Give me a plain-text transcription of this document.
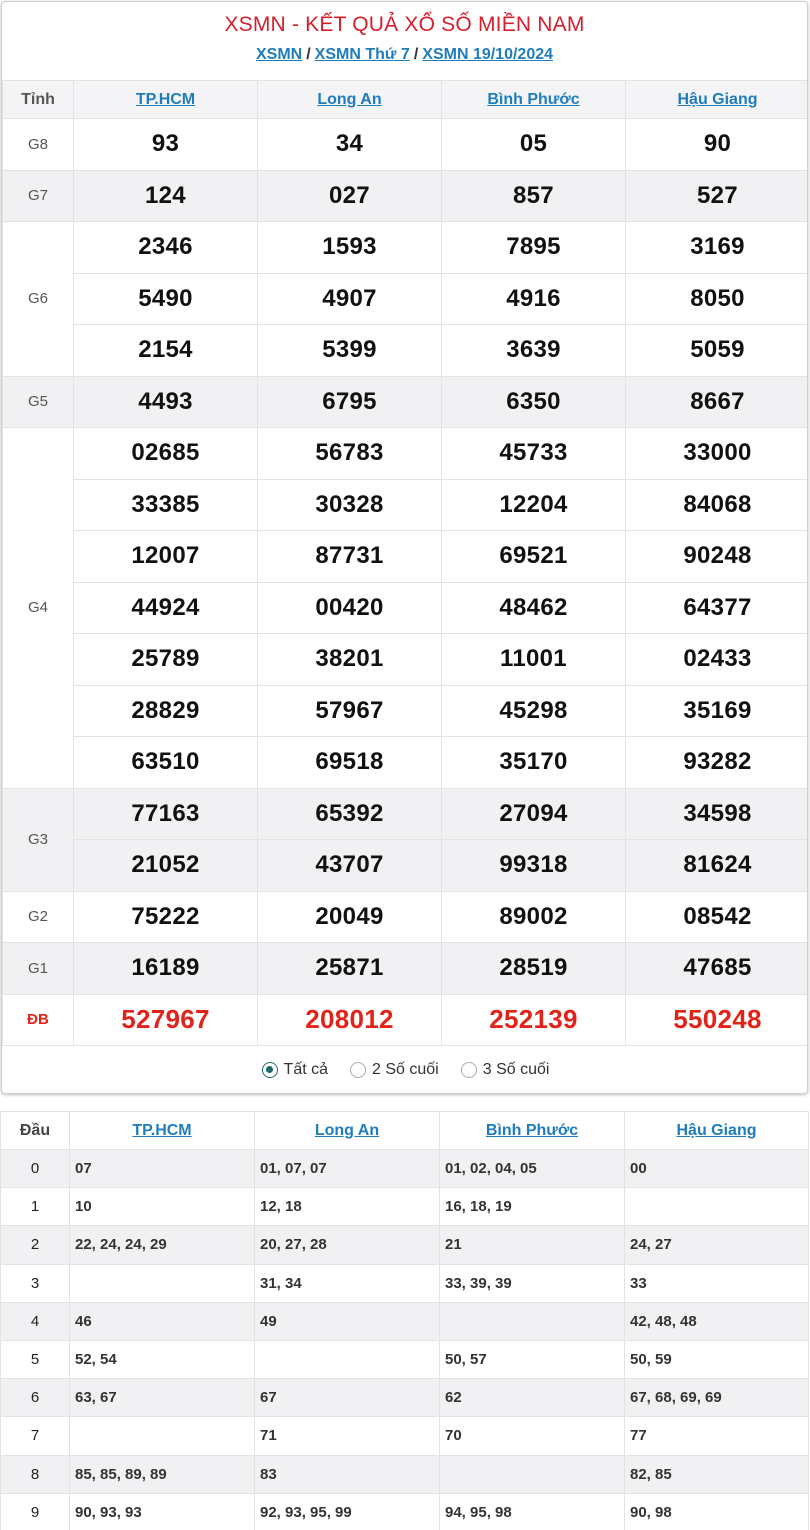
XSMN - KẾT QUẢ XỔ SỐ MIỀN NAM
XSMN / XSMN Thứ 7 / XSMN 19/10/2024
Tỉnh	TP.HCM	Long An	Bình Phước	Hậu Giang
G8	93	34	05	90
G7	124	027	857	527
G6	2346	1593	7895	3169
	5490	4907	4916	8050
	2154	5399	3639	5059
G5	4493	6795	6350	8667
G4	02685	56783	45733	33000
	33385	30328	12204	84068
	12007	87731	69521	90248
	44924	00420	48462	64377
	25789	38201	11001	02433
	28829	57967	45298	35169
	63510	69518	35170	93282
G3	77163	65392	27094	34598
	21052	43707	99318	81624
G2	75222	20049	89002	08542
G1	16189	25871	28519	47685
ĐB	527967	208012	252139	550248
Tất cả	2 Số cuối	3 Số cuối
Đầu	TP.HCM	Long An	Bình Phước	Hậu Giang
0	07	01, 07, 07	01, 02, 04, 05	00
1	10	12, 18	16, 18, 19	
2	22, 24, 24, 29	20, 27, 28	21	24, 27
3		31, 34	33, 39, 39	33
4	46	49		42, 48, 48
5	52, 54		50, 57	50, 59
6	63, 67	67	62	67, 68, 69, 69
7		71	70	77
8	85, 85, 89, 89	83		82, 85
9	90, 93, 93	92, 93, 95, 99	94, 95, 98	90, 98
